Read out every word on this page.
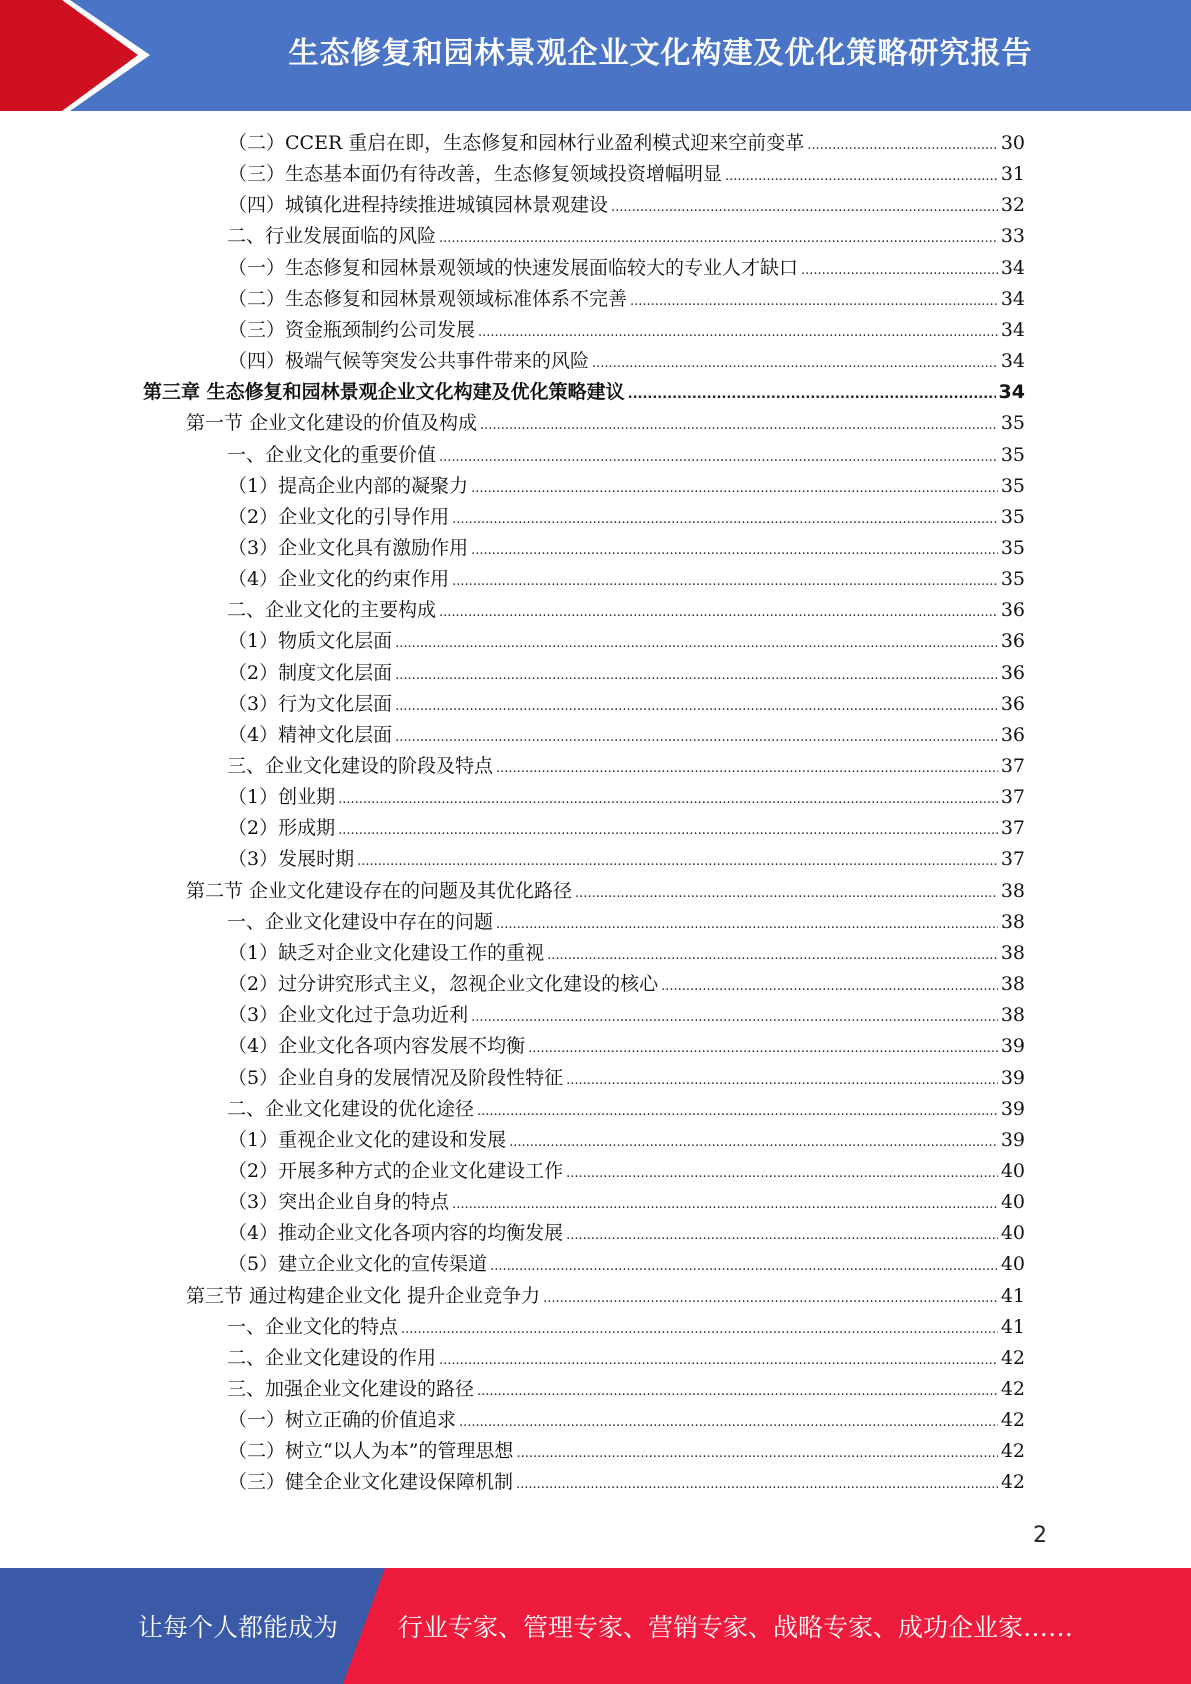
生态修复和园林景观企业文化构建及优化策略研究报告
（二）CCER 重启在即，生态修复和园林行业盈利模式迎来空前变革 .....	30
（三）生态基本面仍有待改善，生态修复领域投资增幅明显 .....	31
（四）城镇化进程持续推进城镇园林景观建设 .....	32
二、行业发展面临的风险 .....	33
（一）生态修复和园林景观领域的快速发展面临较大的专业人才缺口 .....	34
（二）生态修复和园林景观领域标准体系不完善 .....	34
（三）资金瓶颈制约公司发展 .....	34
（四）极端气候等突发公共事件带来的风险 .....	34
第三章 生态修复和园林景观企业文化构建及优化策略建议 .....	34
第一节 企业文化建设的价值及构成 .....	35
一、企业文化的重要价值 .....	35
（1）提高企业内部的凝聚力 .....	35
（2）企业文化的引导作用 .....	35
（3）企业文化具有激励作用 .....	35
（4）企业文化的约束作用 .....	35
二、企业文化的主要构成 .....	36
（1）物质文化层面 .....	36
（2）制度文化层面 .....	36
（3）行为文化层面 .....	36
（4）精神文化层面 .....	36
三、企业文化建设的阶段及特点 .....	37
（1）创业期 .....	37
（2）形成期 .....	37
（3）发展时期 .....	37
第二节 企业文化建设存在的问题及其优化路径 .....	38
一、企业文化建设中存在的问题 .....	38
（1）缺乏对企业文化建设工作的重视 .....	38
（2）过分讲究形式主义，忽视企业文化建设的核心 .....	38
（3）企业文化过于急功近利 .....	38
（4）企业文化各项内容发展不均衡 .....	39
（5）企业自身的发展情况及阶段性特征 .....	39
二、企业文化建设的优化途径 .....	39
（1）重视企业文化的建设和发展 .....	39
（2）开展多种方式的企业文化建设工作 .....	40
（3）突出企业自身的特点 .....	40
（4）推动企业文化各项内容的均衡发展 .....	40
（5）建立企业文化的宣传渠道 .....	40
第三节 通过构建企业文化 提升企业竞争力 .....	41
一、企业文化的特点 .....	41
二、企业文化建设的作用 .....	42
三、加强企业文化建设的路径 .....	42
（一）树立正确的价值追求 .....	42
（二）树立“以人为本”的管理思想 .....	42
（三）健全企业文化建设保障机制 .....	42
2
让每个人都能成为 行业专家、管理专家、营销专家、战略专家、成功企业家……
